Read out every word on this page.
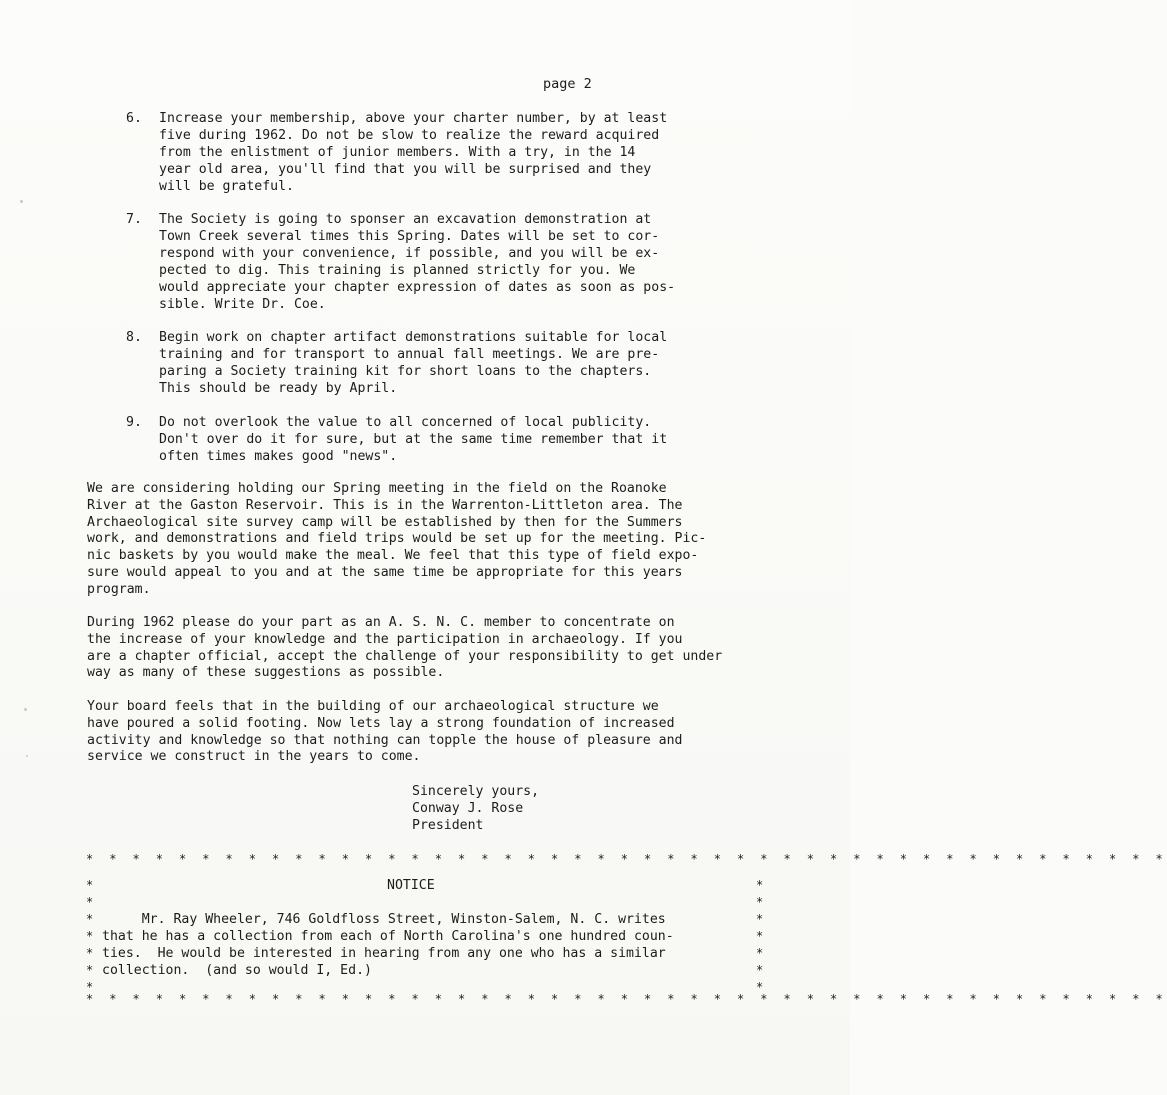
page 2
6. Increase your membership, above your charter number, by at least
five during 1962. Do not be slow to realize the reward acquired
from the enlistment of junior members. With a try, in the 14
year old area, you'll find that you will be surprised and they
will be grateful.
7. The Society is going to sponser an excavation demonstration at
Town Creek several times this Spring. Dates will be set to cor-
respond with your convenience, if possible, and you will be ex-
pected to dig. This training is planned strictly for you. We
would appreciate your chapter expression of dates as soon as pos-
sible. Write Dr. Coe.
8. Begin work on chapter artifact demonstrations suitable for local
training and for transport to annual fall meetings. We are pre-
paring a Society training kit for short loans to the chapters.
This should be ready by April.
9. Do not overlook the value to all concerned of local publicity.
Don't over do it for sure, but at the same time remember that it
often times makes good "news".
We are considering holding our Spring meeting in the field on the Roanoke
River at the Gaston Reservoir. This is in the Warrenton-Littleton area. The
Archaeological site survey camp will be established by then for the Summers
work, and demonstrations and field trips would be set up for the meeting. Pic-
nic baskets by you would make the meal. We feel that this type of field expo-
sure would appeal to you and at the same time be appropriate for this years
program.
During 1962 please do your part as an A. S. N. C. member to concentrate on
the increase of your knowledge and the participation in archaeology. If you
are a chapter official, accept the challenge of your responsibility to get under
way as many of these suggestions as possible.
Your board feels that in the building of our archaeological structure we
have poured a solid footing. Now lets lay a strong foundation of increased
activity and knowledge so that nothing can topple the house of pleasure and
service we construct in the years to come.
Sincerely yours,
Conway J. Rose
President
* * * * * * * * * * * * * * * * * * * * * * * * * * * * * * * * * * * * * * * * * * * * * * *
*
*
*
*
*
*
*
*
*
*
*
*
*
*
NOTICE
Mr. Ray Wheeler, 746 Goldfloss Street, Winston-Salem, N. C. writes
that he has a collection from each of North Carolina's one hundred coun-
ties.  He would be interested in hearing from any one who has a similar
collection.  (and so would I, Ed.)
* * * * * * * * * * * * * * * * * * * * * * * * * * * * * * * * * * * * * * * * * * * * * * *
